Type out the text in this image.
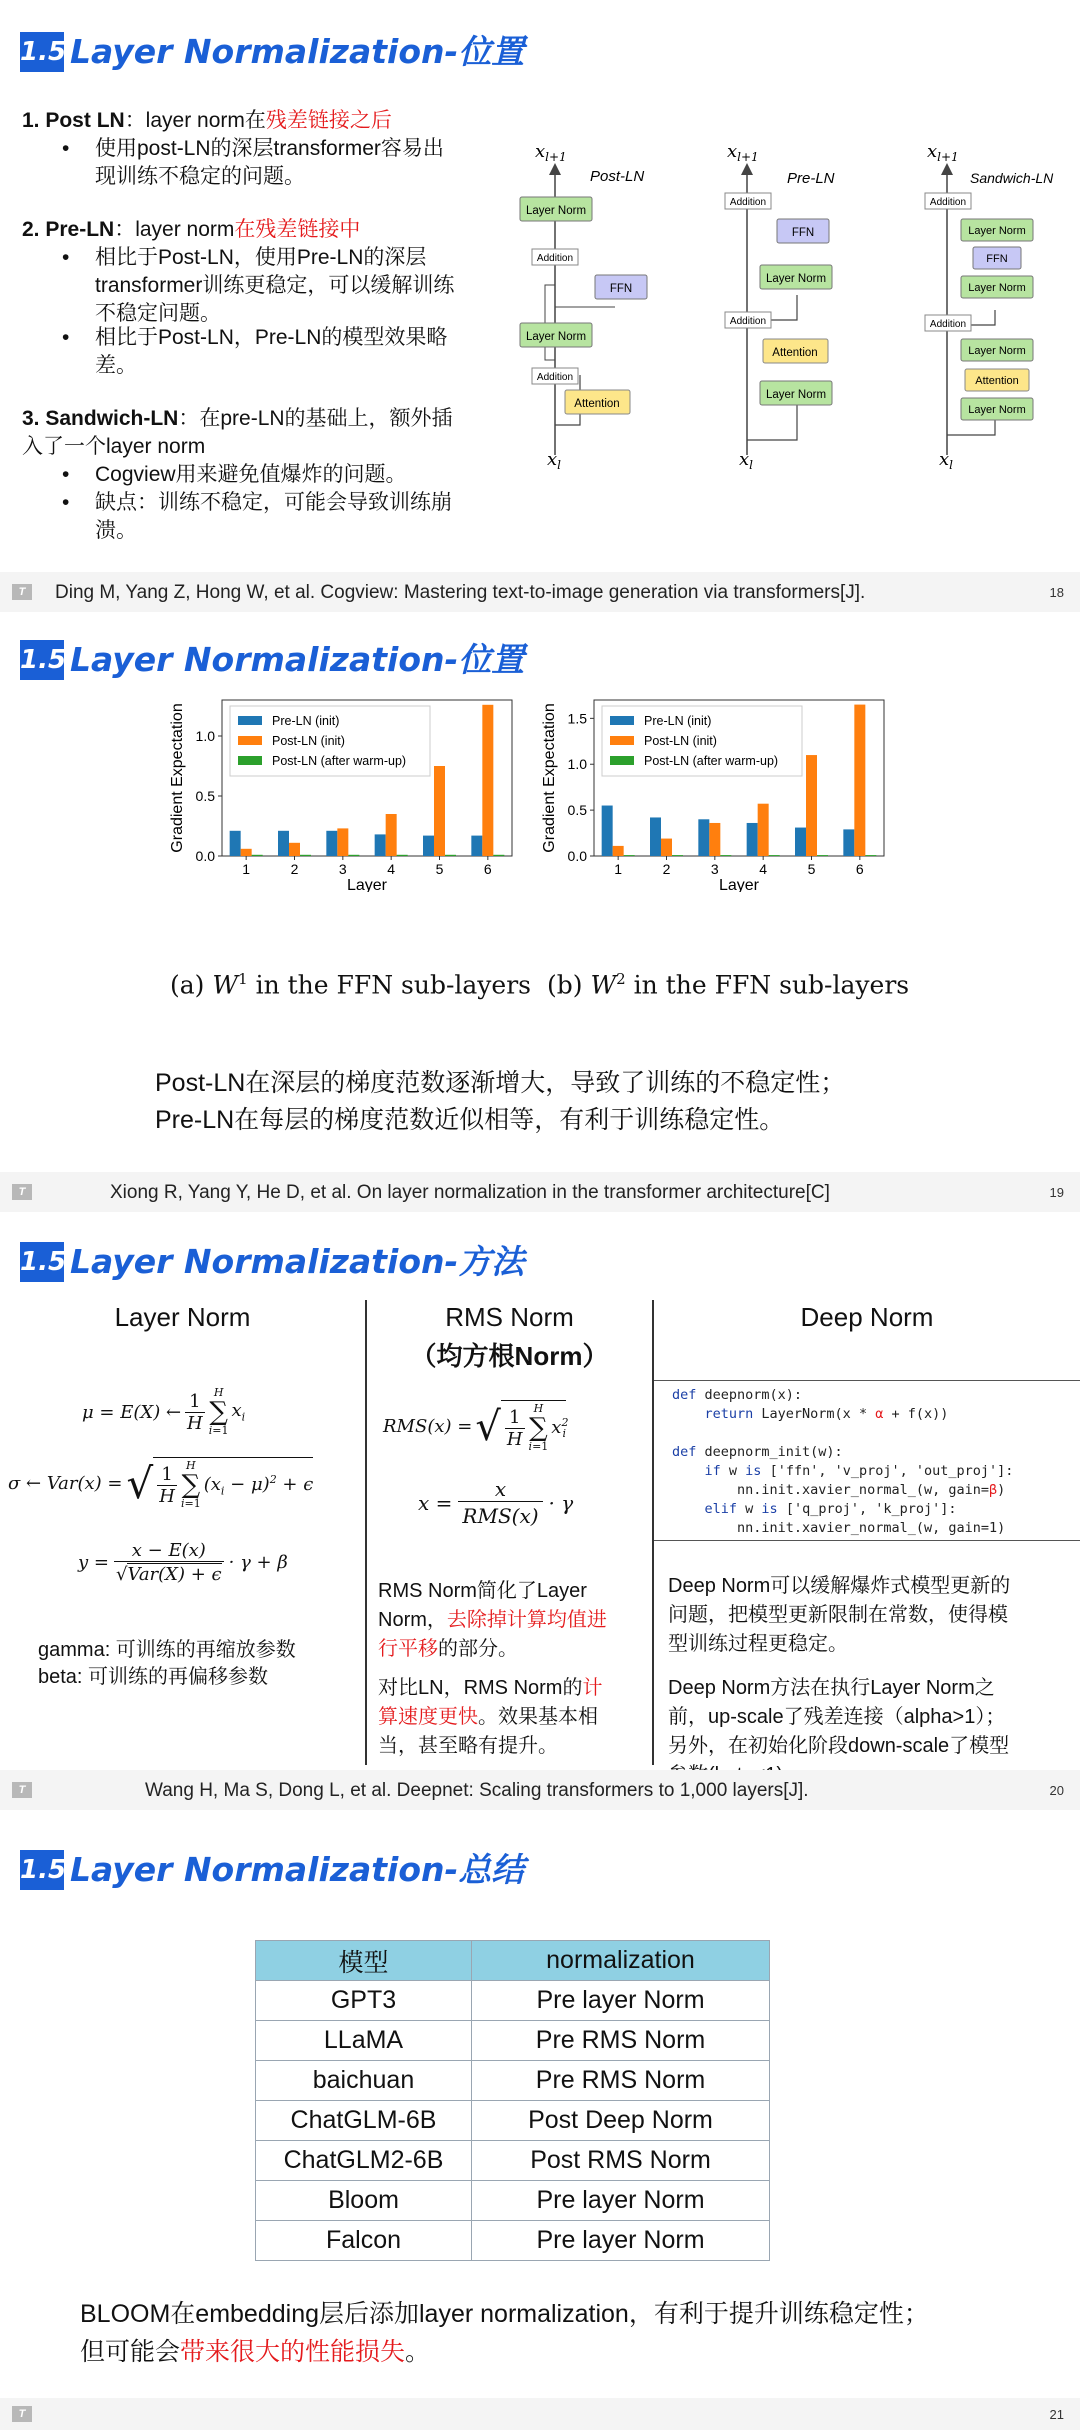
1.5 Layer Normalization-位置
1. Post LN：layer norm在残差链接之后
• 使用post-LN的深层transformer容易出
现训练不稳定的问题。
2. Pre-LN：layer norm在残差链接中
• 相比于Post-LN，使用Pre-LN的深层
transformer训练更稳定，可以缓解训练
不稳定问题。
• 相比于Post-LN，Pre-LN的模型效果略
差。
3. Sandwich-LN：在pre-LN的基础上，额外插
入了一个layer norm
• Cogview用来避免值爆炸的问题。
• 缺点：训练不稳定，可能会导致训练崩
溃。
Post-LN
$x_{l+1}$
Attention
Addition
Layer Norm
FFN
Addition
Layer Norm
$x_l$
Pre-LN
$x_{l+1}$
Addition
FFN
Layer Norm
Addition
Attention
Layer Norm
$x_l$
Sandwich-LN
$x_{l+1}$
Addition
Layer Norm
FFN
Layer Norm
Addition
Layer Norm
Attention
Layer Norm
$x_l$
T	Ding M, Yang Z, Hong W, et al. Cogview: Mastering text-to-image generation via transformers[J].	18
1.5 Layer Normalization-位置
0.0
0.5
1.0
1	2	3	4	5	6
Layer
Gradient Expectation	Pre-LN (init)
Post-LN (init)
Post-LN (after warm-up)
0.0
0.5
1.0
1.5
1	2	3	4	5	6
Layer
Gradient Expectation	Pre-LN (init)
Post-LN (init)
Post-LN (after warm-up)
(a) $W^1$ in the FFN sub-layers (b) $W^2$ in the FFN sub-layers
Post-LN在深层的梯度范数逐渐增大，导致了训练的不稳定性；
Pre-LN在每层的梯度范数近似相等，有利于训练稳定性。
T	Xiong R, Yang Y, He D, et al. On layer normalization in the transformer architecture[C]	19
1.5 Layer Normalization-方法
Layer Norm	RMS Norm
（均方根Norm）
Deep Norm
μ = E(X) ←
1
H
H
∑
i=1
$x_i$
σ ← Var(x) = √ 1
H
H
∑
i=1
$(x_i - \mu)^2 + \epsilon$
y =
x − E(x)
√Var(X) + ϵ
· γ + β
gamma: 可训练的再缩放参数
beta: 可训练的再偏移参数
RMS(x) = √ 1
H
H
∑
i=1
$x^2_i$
x =
x
RMS(x)
· γ
RMS Norm简化了Layer
Norm，去除掉计算均值进
行平移的部分。
对比LN，RMS Norm的计
算速度更快。效果基本相
当，甚至略有提升。
def deepnorm(x):
return LayerNorm(x * α + f(x))

def deepnorm_init(w):
if w is ['ffn', 'v_proj', 'out_proj']:
nn.init.xavier_normal_(w, gain=β)
elif w is ['q_proj', 'k_proj']:
nn.init.xavier_normal_(w, gain=1)
Deep Norm可以缓解爆炸式模型更新的
问题，把模型更新限制在常数，使得模
型训练过程更稳定。
Deep Norm方法在执行Layer Norm之
前，up-scale了残差连接（alpha>1）；
另外，在初始化阶段down-scale了模型
T	Wang H, Ma S, Dong L, et al. Deepnet: Scaling transformers to 1,000 layers[J].	20
1.5 Layer Normalization-总结
模型	normalization
GPT3	Pre layer Norm
LLaMA	Pre RMS Norm
baichuan	Pre RMS Norm
ChatGLM-6B	Post Deep Norm
ChatGLM2-6B	Post RMS Norm
Bloom	Pre layer Norm
Falcon	Pre layer Norm
BLOOM在embedding层后添加layer normalization，有利于提升训练稳定性；
但可能会带来很大的性能损失。
T	21
